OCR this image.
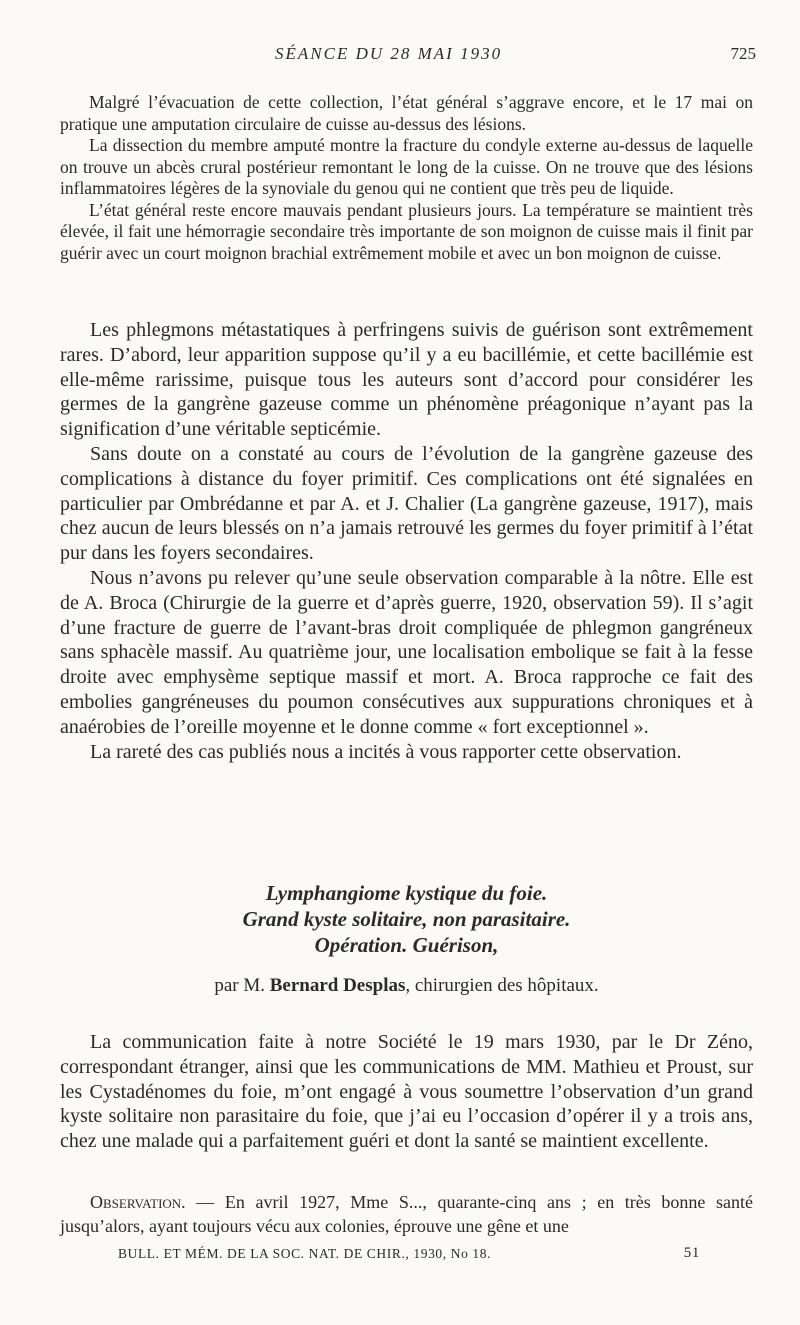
SÉANCE DU 28 MAI 1930	725

Malgré l’évacuation de cette collection, l’état général s’aggrave encore, et le 17 mai on pratique une amputation circulaire de cuisse au-dessus des lésions.

La dissection du membre amputé montre la fracture du condyle externe au-dessus de laquelle on trouve un abcès crural postérieur remontant le long de la cuisse. On ne trouve que des lésions inflammatoires légères de la synoviale du genou qui ne contient que très peu de liquide.

L’état général reste encore mauvais pendant plusieurs jours. La température se maintient très élevée, il fait une hémorragie secondaire très importante de son moignon de cuisse mais il finit par guérir avec un court moignon brachial extrêmement mobile et avec un bon moignon de cuisse.

Les phlegmons métastatiques à perfringens suivis de guérison sont extrêmement rares. D’abord, leur apparition suppose qu’il y a eu bacillémie, et cette bacillémie est elle-même rarissime, puisque tous les auteurs sont d’accord pour considérer les germes de la gangrène gazeuse comme un phénomène préagonique n’ayant pas la signification d’une véritable septicémie.

Sans doute on a constaté au cours de l’évolution de la gangrène gazeuse des complications à distance du foyer primitif. Ces complications ont été signalées en particulier par Ombrédanne et par A. et J. Chalier (La gangrène gazeuse, 1917), mais chez aucun de leurs blessés on n’a jamais retrouvé les germes du foyer primitif à l’état pur dans les foyers secondaires.

Nous n’avons pu relever qu’une seule observation comparable à la nôtre. Elle est de A. Broca (Chirurgie de la guerre et d’après guerre, 1920, observation 59). Il s’agit d’une fracture de guerre de l’avant-bras droit compliquée de phlegmon gangréneux sans sphacèle massif. Au quatrième jour, une localisation embolique se fait à la fesse droite avec emphysème septique massif et mort. A. Broca rapproche ce fait des embolies gangréneuses du poumon consécutives aux suppurations chroniques et à anaérobies de l’oreille moyenne et le donne comme « fort exceptionnel ».

La rareté des cas publiés nous a incités à vous rapporter cette observation.

Lymphangiome kystique du foie.
Grand kyste solitaire, non parasitaire.
Opération. Guérison,
par M. Bernard Desplas, chirurgien des hôpitaux.

La communication faite à notre Société le 19 mars 1930, par le Dr Zéno, correspondant étranger, ainsi que les communications de MM. Mathieu et Proust, sur les Cystadénomes du foie, m’ont engagé à vous soumettre l’observation d’un grand kyste solitaire non parasitaire du foie, que j’ai eu l’occasion d’opérer il y a trois ans, chez une malade qui a parfaitement guéri et dont la santé se maintient excellente.

Observation. — En avril 1927, Mme S..., quarante-cinq ans ; en très bonne santé jusqu’alors, ayant toujours vécu aux colonies, éprouve une gêne et une

BULL. ET MÉM. DE LA SOC. NAT. DE CHIR., 1930, No 18.	51
